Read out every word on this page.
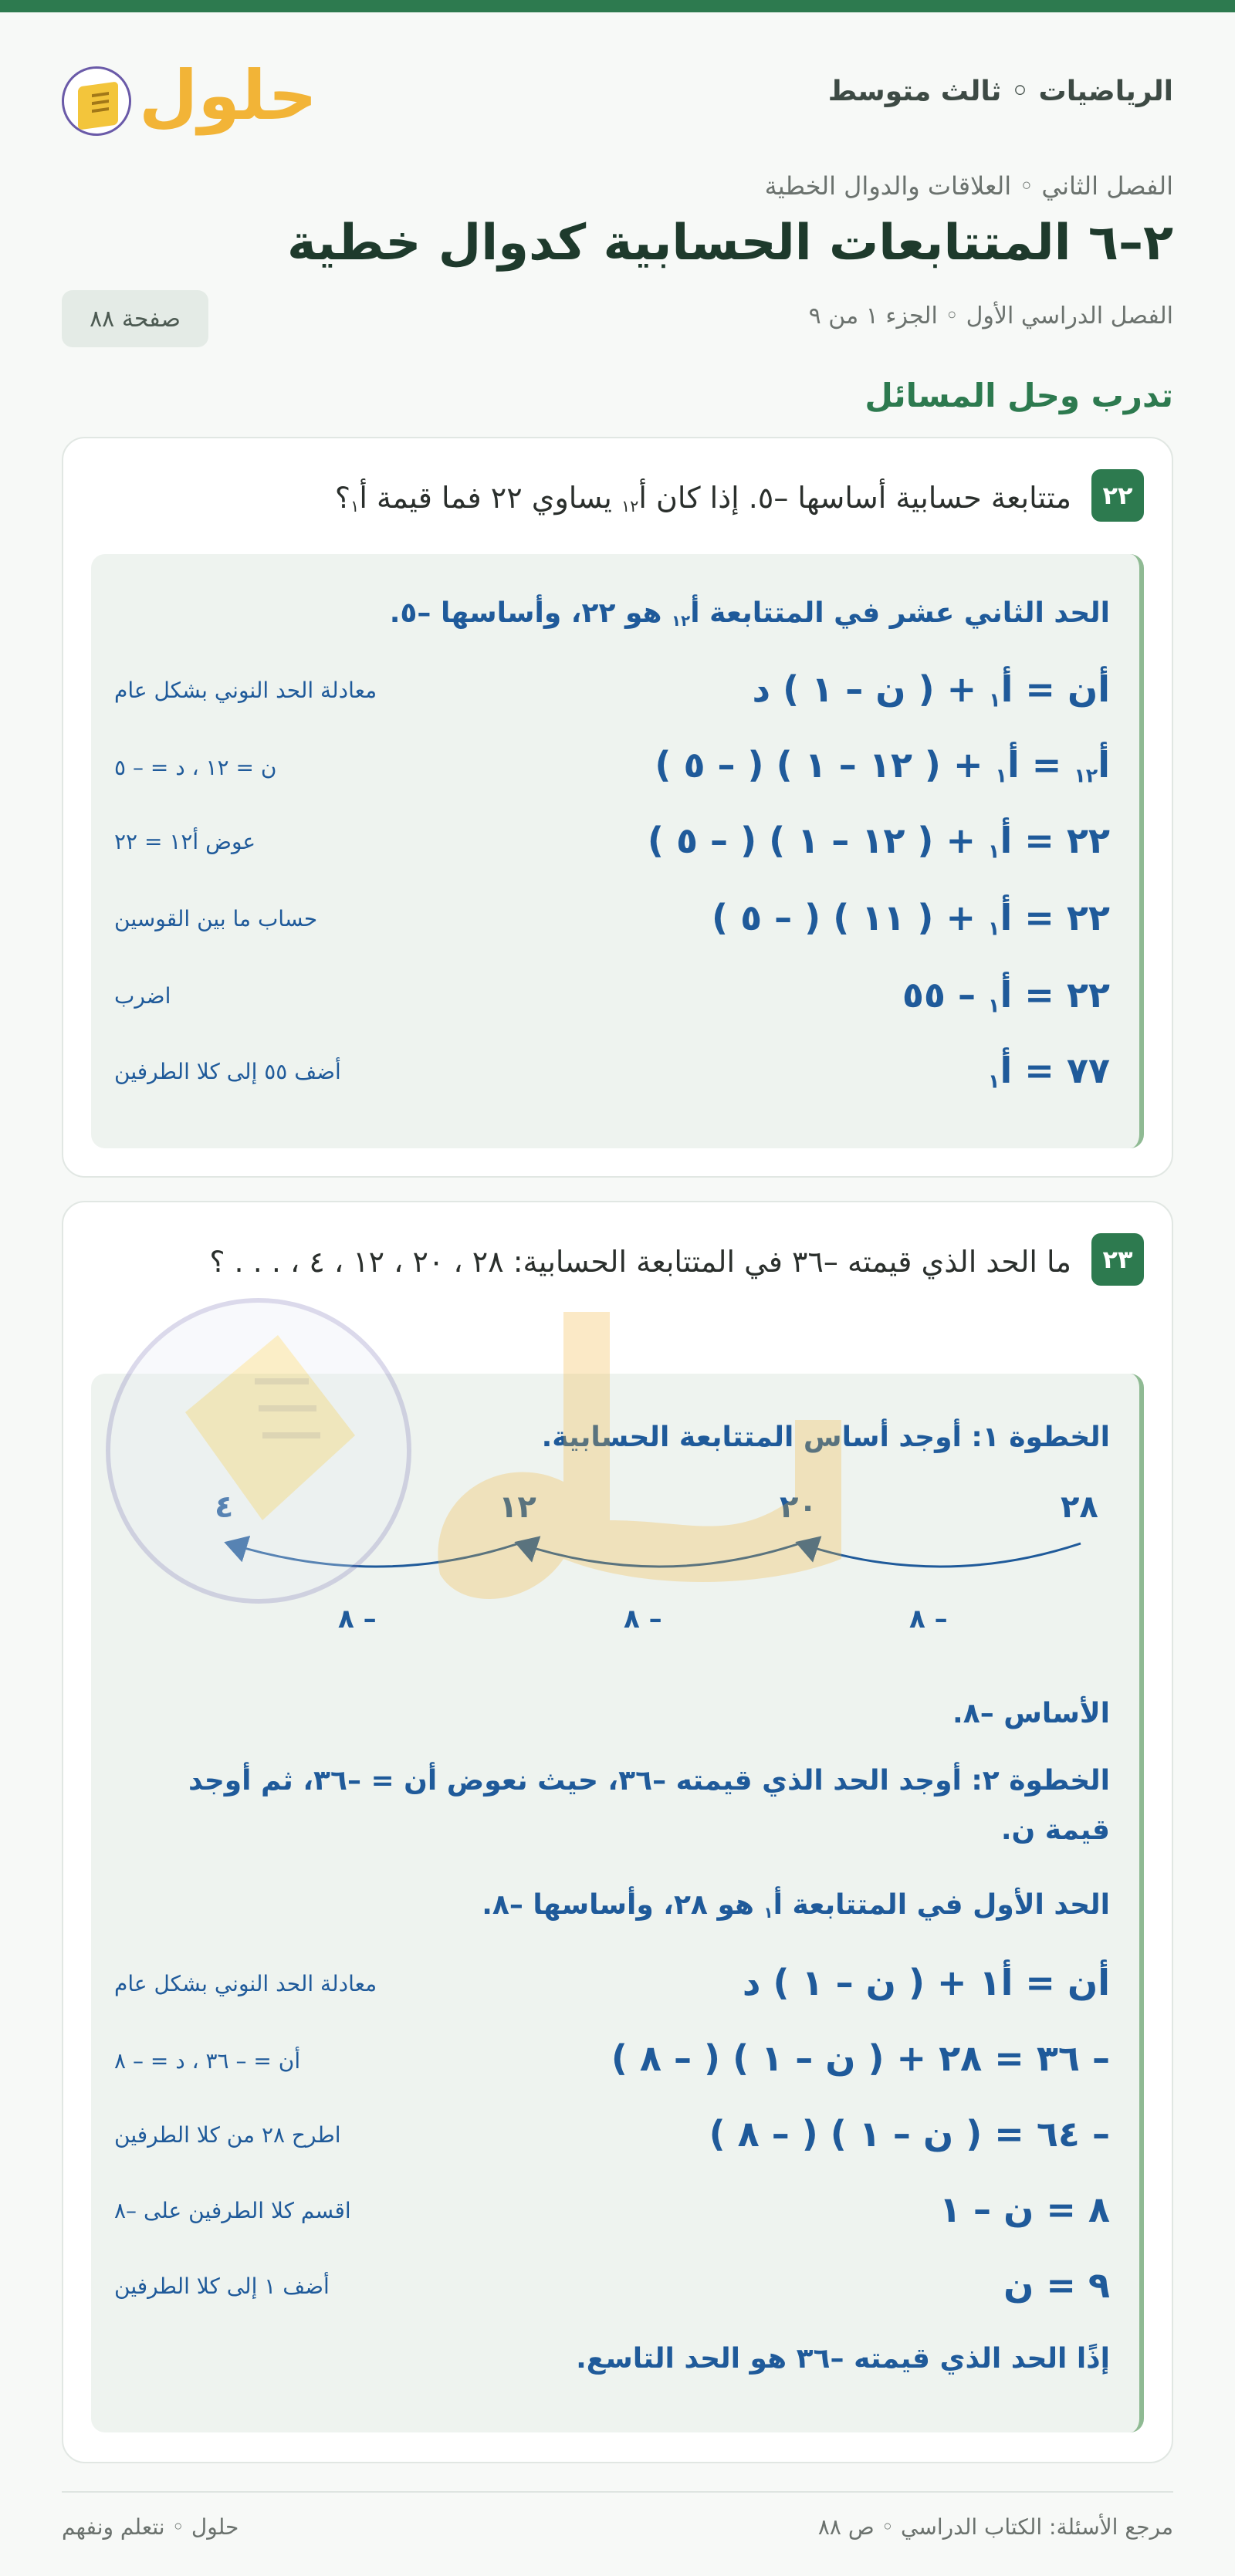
الرياضيات ◦ ثالث متوسط
حلول
الفصل الثاني ◦ العلاقات والدوال الخطية
٢–٦ المتتابعات الحسابية كدوال خطية
الفصل الدراسي الأول ◦ الجزء ١ من ٩
صفحة ٨٨
تدرب وحل المسائل
٢٢
متتابعة حسابية أساسها –٥. إذا كان أ$_{١٢}$ يساوي ٢٢ فما قيمة أ$_١$؟
الحد الثاني عشر في المتتابعة أ$_{١٢}$ هو ٢٢، وأساسها –٥.
أن = أ$_١$ + ( ن – ١ ) د
معادلة الحد النوني بشكل عام
أ$_{١٢}$ = أ$_١$ + ( ١٢ – ١ ) ( – ٥ )
ن = ١٢ ، د = – ٥
٢٢ = أ$_١$ + ( ١٢ – ١ ) ( – ٥ )
عوض أ١٢ = ٢٢
٢٢ = أ$_١$ + ( ١١ ) ( – ٥ )
حساب ما بين القوسين
٢٢ = أ$_١$ – ٥٥
اضرب
٧٧ = أ$_١$
أضف ٥٥ إلى كلا الطرفين
٢٣
ما الحد الذي قيمته –٣٦ في المتتابعة الحسابية: ٢٨ ، ٢٠ ، ١٢ ، ٤ ، . . . ؟
الخطوة ١: أوجد أساس المتتابعة الحسابية.
٢٨
٢٠
١٢
٤
– ٨
– ٨
– ٨
الأساس –٨.
الخطوة ٢: أوجد الحد الذي قيمته –٣٦، حيث نعوض أن = –٣٦، ثم أوجد قيمة ن.
الحد الأول في المتتابعة أ$_١$ هو ٢٨، وأساسها –٨.
أن = أ١ + ( ن – ١ ) د
معادلة الحد النوني بشكل عام
– ٣٦ = ٢٨ + ( ن – ١ ) ( – ٨ )
أن = – ٣٦ ، د = – ٨
– ٦٤ = ( ن – ١ ) ( – ٨ )
اطرح ٢٨ من كلا الطرفين
٨ = ن – ١
اقسم كلا الطرفين على –٨
٩ = ن
أضف ١ إلى كلا الطرفين
إذًا الحد الذي قيمته –٣٦ هو الحد التاسع.
مرجع الأسئلة: الكتاب الدراسي ◦ ص ٨٨
حلول ◦ نتعلم ونفهم
